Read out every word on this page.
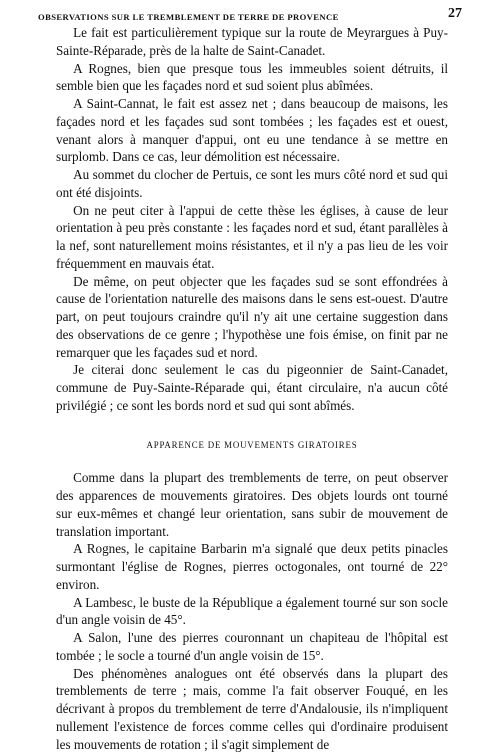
OBSERVATIONS SUR LE TREMBLEMENT DE TERRE DE PROVENCE	27

Le fait est particulièrement typique sur la route de Meyrargues à Puy-Sainte-Réparade, près de la halte de Saint-Canadet.

A Rognes, bien que presque tous les immeubles soient détruits, il semble bien que les façades nord et sud soient plus abîmées.

A Saint-Cannat, le fait est assez net ; dans beaucoup de maisons, les façades nord et les façades sud sont tombées ; les façades est et ouest, venant alors à manquer d'appui, ont eu une tendance à se mettre en surplomb. Dans ce cas, leur démolition est nécessaire.

Au sommet du clocher de Pertuis, ce sont les murs côté nord et sud qui ont été disjoints.

On ne peut citer à l'appui de cette thèse les églises, à cause de leur orientation à peu près constante : les façades nord et sud, étant parallèles à la nef, sont naturellement moins résistantes, et il n'y a pas lieu de les voir fréquemment en mauvais état.

De même, on peut objecter que les façades sud se sont effondrées à cause de l'orientation naturelle des maisons dans le sens est-ouest. D'autre part, on peut toujours craindre qu'il n'y ait une certaine suggestion dans des observations de ce genre ; l'hypothèse une fois émise, on finit par ne remarquer que les façades sud et nord.

Je citerai donc seulement le cas du pigeonnier de Saint-Canadet, commune de Puy-Sainte-Réparade qui, étant circulaire, n'a aucun côté privilégié ; ce sont les bords nord et sud qui sont abîmés.

APPARENCE DE MOUVEMENTS GIRATOIRES

Comme dans la plupart des tremblements de terre, on peut observer des apparences de mouvements giratoires. Des objets lourds ont tourné sur eux-mêmes et changé leur orientation, sans subir de mouvement de translation important.

A Rognes, le capitaine Barbarin m'a signalé que deux petits pinacles surmontant l'église de Rognes, pierres octogonales, ont tourné de 22° environ.

A Lambesc, le buste de la République a également tourné sur son socle d'un angle voisin de 45°.

A Salon, l'une des pierres couronnant un chapiteau de l'hôpital est tombée ; le socle a tourné d'un angle voisin de 15°.

Des phénomènes analogues ont été observés dans la plupart des tremblements de terre ; mais, comme l'a fait observer Fouqué, en les décrivant à propos du tremblement de terre d'Andalousie, ils n'impliquent nullement l'existence de forces comme celles qui d'ordinaire produisent les mouvements de rotation ; il s'agit simplement de
